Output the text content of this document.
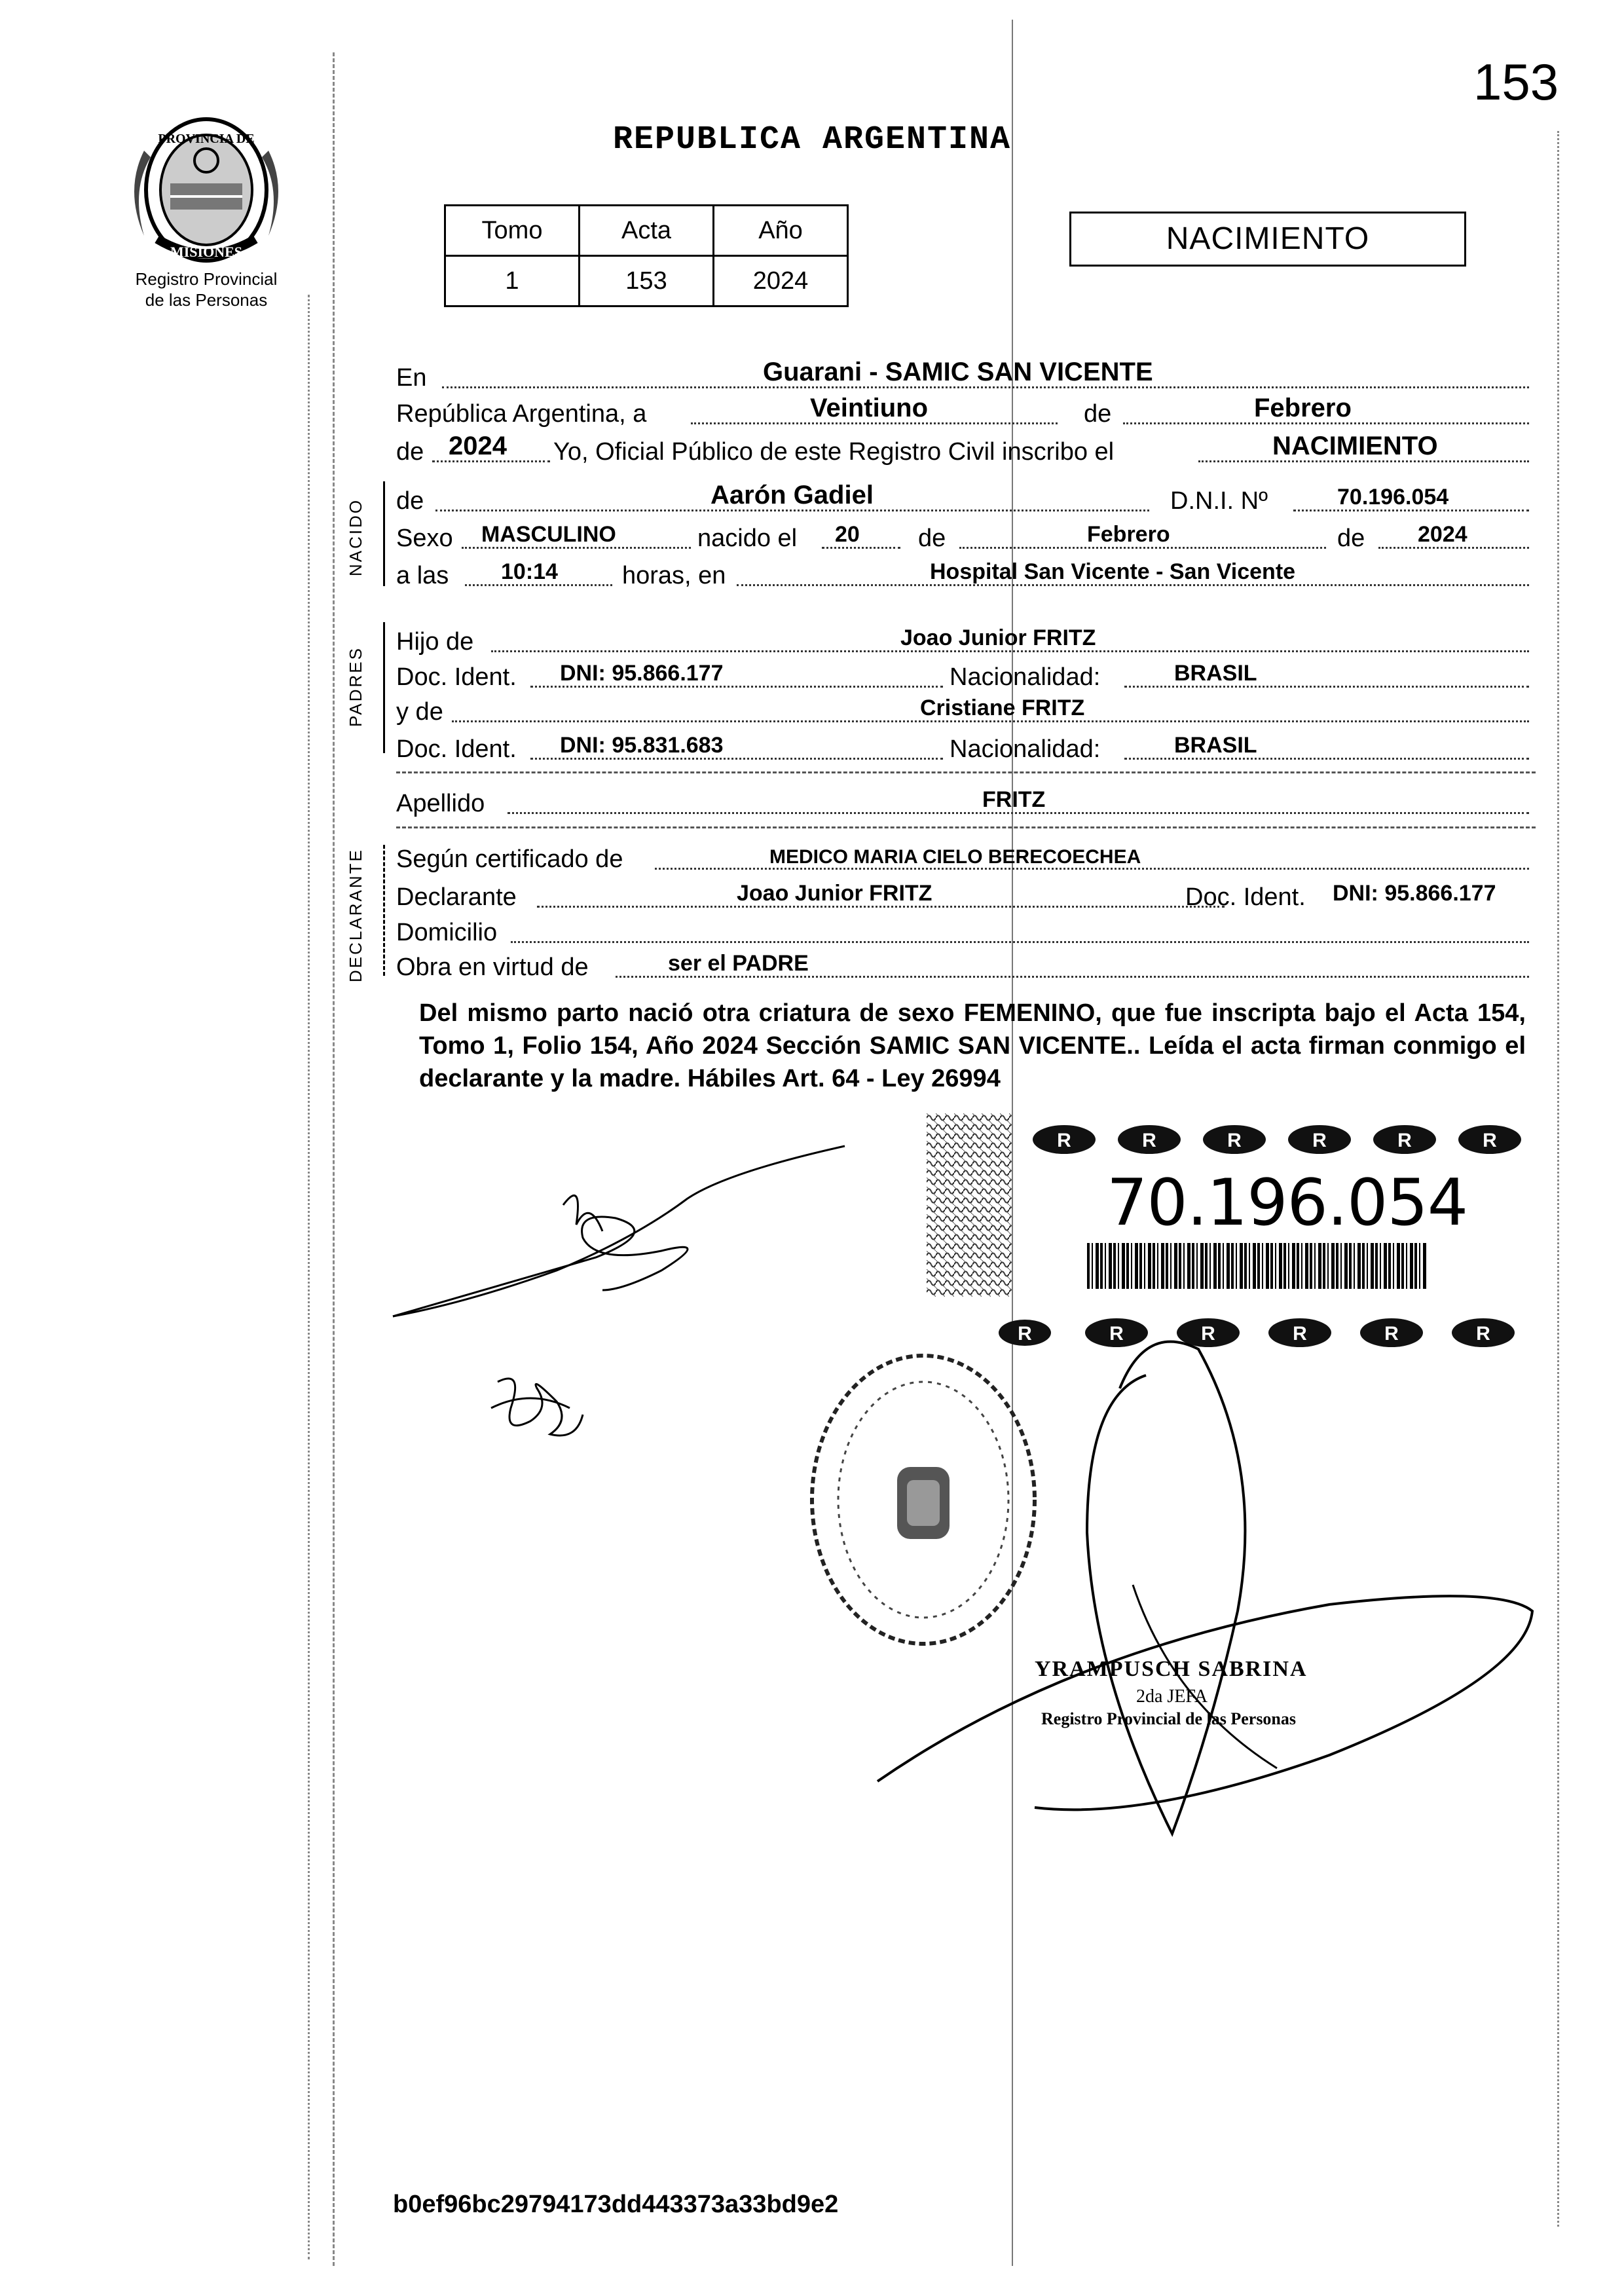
153
PROVINCIA DE
MISIONES
Registro Provincial
de las Personas
REPUBLICA ARGENTINA
Tomo	Acta	Año
1	153	2024
NACIMIENTO
NACIDO
PADRES
DECLARANTE
En	Guarani - SAMIC SAN VICENTE
República Argentina, a	Veintiuno	de	Febrero
de 2024 Yo, Oficial Público de este Registro Civil inscribo el	NACIMIENTO
de	Aarón Gadiel	D.N.I. Nº	70.196.054
Sexo MASCULINO	nacido el 20 de	Febrero	de 2024
a las 10:14	horas, en	Hospital San Vicente - San Vicente
Hijo de	Joao Junior FRITZ
Doc. Ident. DNI: 95.866.177	Nacionalidad:	BRASIL
y de	Cristiane FRITZ
Doc. Ident. DNI: 95.831.683	Nacionalidad:	BRASIL
Apellido	FRITZ
Según certificado de	MEDICO MARIA CIELO BERECOECHEA
Declarante	Joao Junior FRITZ	Doc. Ident. DNI: 95.866.177
Domicilio
Obra en virtud de	ser el PADRE
Del mismo parto nació otra criatura de sexo FEMENINO, que fue inscripta bajo el Acta 154, Tomo 1, Folio 154, Año 2024 Sección SAMIC SAN VICENTE.. Leída el acta firman conmigo el declarante y la madre. Hábiles Art. 64 - Ley 26994
R	R	R	R	R	R
R	R	R	R	R	R
70.196.054
YRAMPUSCH SABRINA
2da JEFA
Registro Provincial de las Personas
b0ef96bc29794173dd443373a33bd9e2
